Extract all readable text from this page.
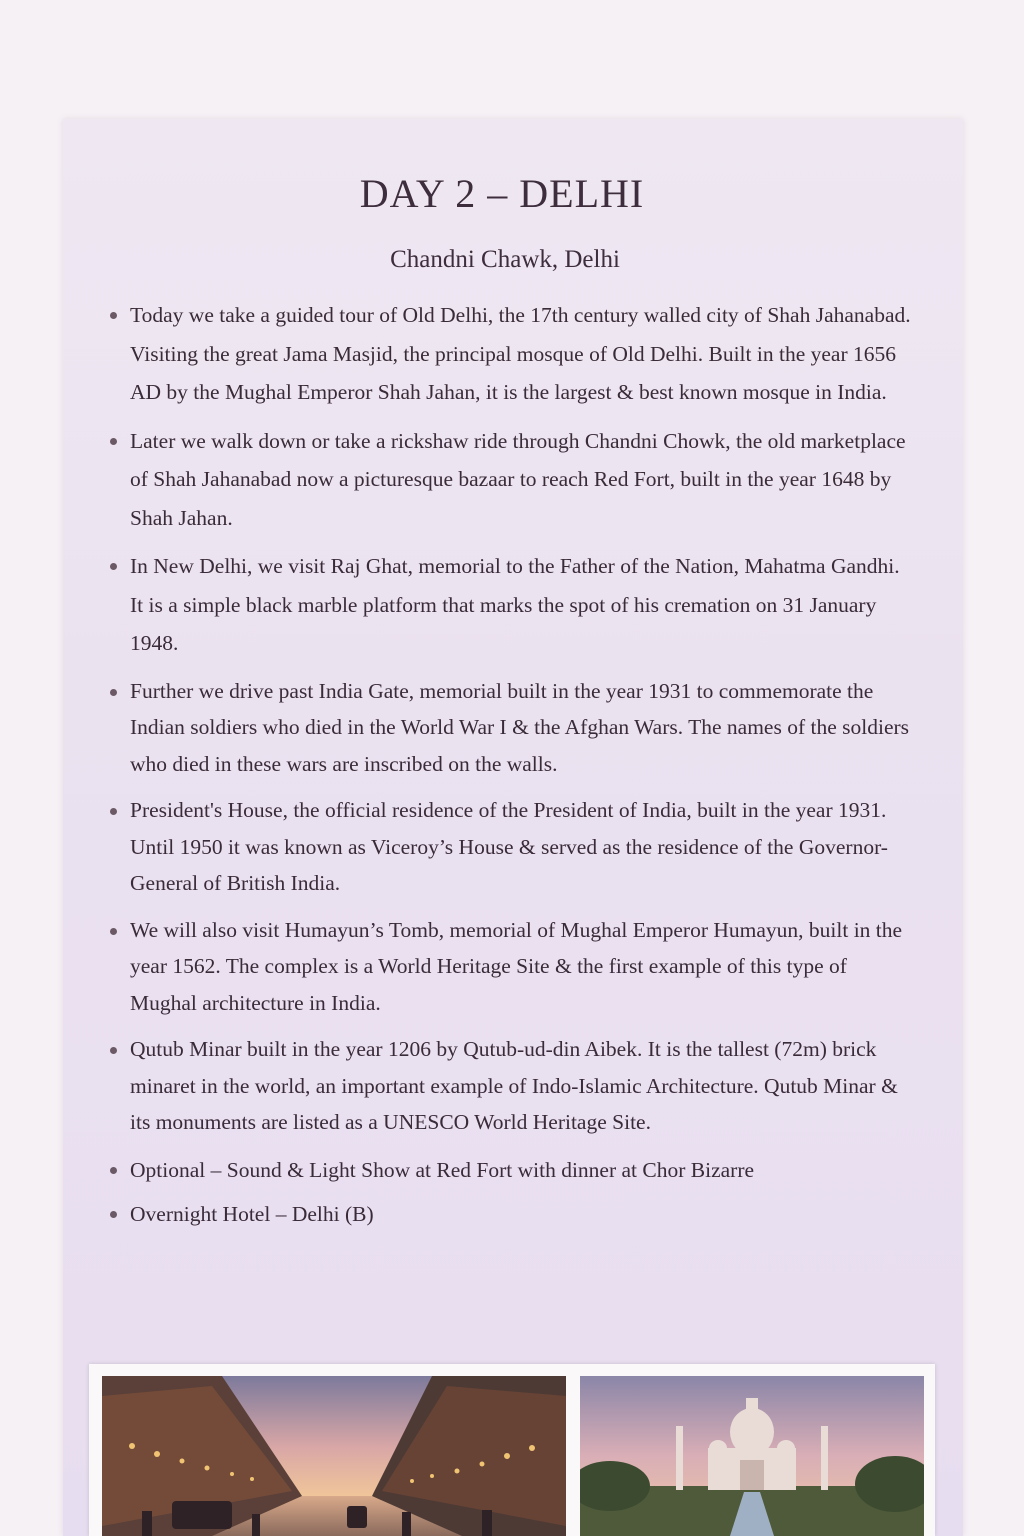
DAY 2 – DELHI
Chandni Chawk, Delhi
Today we take a guided tour of Old Delhi, the 17th century walled city of Shah Jahanabad. Visiting the great Jama Masjid, the principal mosque of Old Delhi. Built in the year 1656 AD by the Mughal Emperor Shah Jahan, it is the largest & best known mosque in India.
Later we walk down or take a rickshaw ride through Chandni Chowk, the old marketplace of Shah Jahanabad now a picturesque bazaar to reach Red Fort, built in the year 1648 by Shah Jahan.
In New Delhi, we visit Raj Ghat, memorial to the Father of the Nation, Mahatma Gandhi. It is a simple black marble platform that marks the spot of his cremation on 31 January 1948.
Further we drive past India Gate, memorial built in the year 1931 to commemorate the Indian soldiers who died in the World War I & the Afghan Wars. The names of the soldiers who died in these wars are inscribed on the walls.
President's House, the official residence of the President of India, built in the year 1931. Until 1950 it was known as Viceroy’s House & served as the residence of the Governor-General of British India.
We will also visit Humayun’s Tomb, memorial of Mughal Emperor Humayun, built in the year 1562. The complex is a World Heritage Site & the first example of this type of Mughal architecture in India.
Qutub Minar built in the year 1206 by Qutub-ud-din Aibek. It is the tallest (72m) brick minaret in the world, an important example of Indo-Islamic Architecture. Qutub Minar & its monuments are listed as a UNESCO World Heritage Site.
Optional – Sound & Light Show at Red Fort with dinner at Chor Bizarre
Overnight Hotel – Delhi (B)
